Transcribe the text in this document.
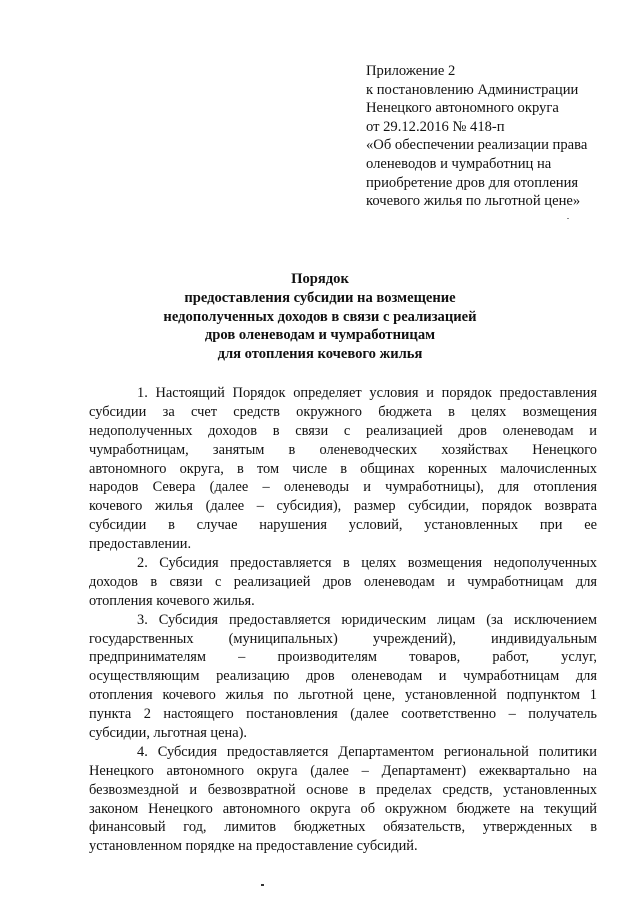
Приложение 2
к постановлению Администрации
Ненецкого автономного округа
от 29.12.2016 № 418-п
«Об обеспечении реализации права
оленеводов и чумработниц на
приобретение дров для отопления
кочевого жилья по льготной цене»
Порядок
предоставления субсидии на возмещение
недополученных доходов в связи с реализацией
дров оленеводам и чумработницам
для отопления кочевого жилья
1. Настоящий Порядок определяет условия и порядок предоставления
субсидии за счет средств окружного бюджета в целях возмещения
недополученных доходов в связи с реализацией дров оленеводам и
чумработницам, занятым в оленеводческих хозяйствах Ненецкого
автономного округа, в том числе в общинах коренных малочисленных
народов Севера (далее – оленеводы и чумработницы), для отопления
кочевого жилья (далее – субсидия), размер субсидии, порядок возврата
субсидии в случае нарушения условий, установленных при ее
предоставлении.
2. Субсидия предоставляется в целях возмещения недополученных
доходов в связи с реализацией дров оленеводам и чумработницам для
отопления кочевого жилья.
3. Субсидия предоставляется юридическим лицам (за исключением
государственных (муниципальных) учреждений), индивидуальным
предпринимателям – производителям товаров, работ, услуг,
осуществляющим реализацию дров оленеводам и чумработницам для
отопления кочевого жилья по льготной цене, установленной подпунктом 1
пункта 2 настоящего постановления (далее соответственно – получатель
субсидии, льготная цена).
4. Субсидия предоставляется Департаментом региональной политики
Ненецкого автономного округа (далее – Департамент) ежеквартально на
безвозмездной и безвозвратной основе в пределах средств, установленных
законом Ненецкого автономного округа об окружном бюджете на текущий
финансовый год, лимитов бюджетных обязательств, утвержденных в
установленном порядке на предоставление субсидий.
